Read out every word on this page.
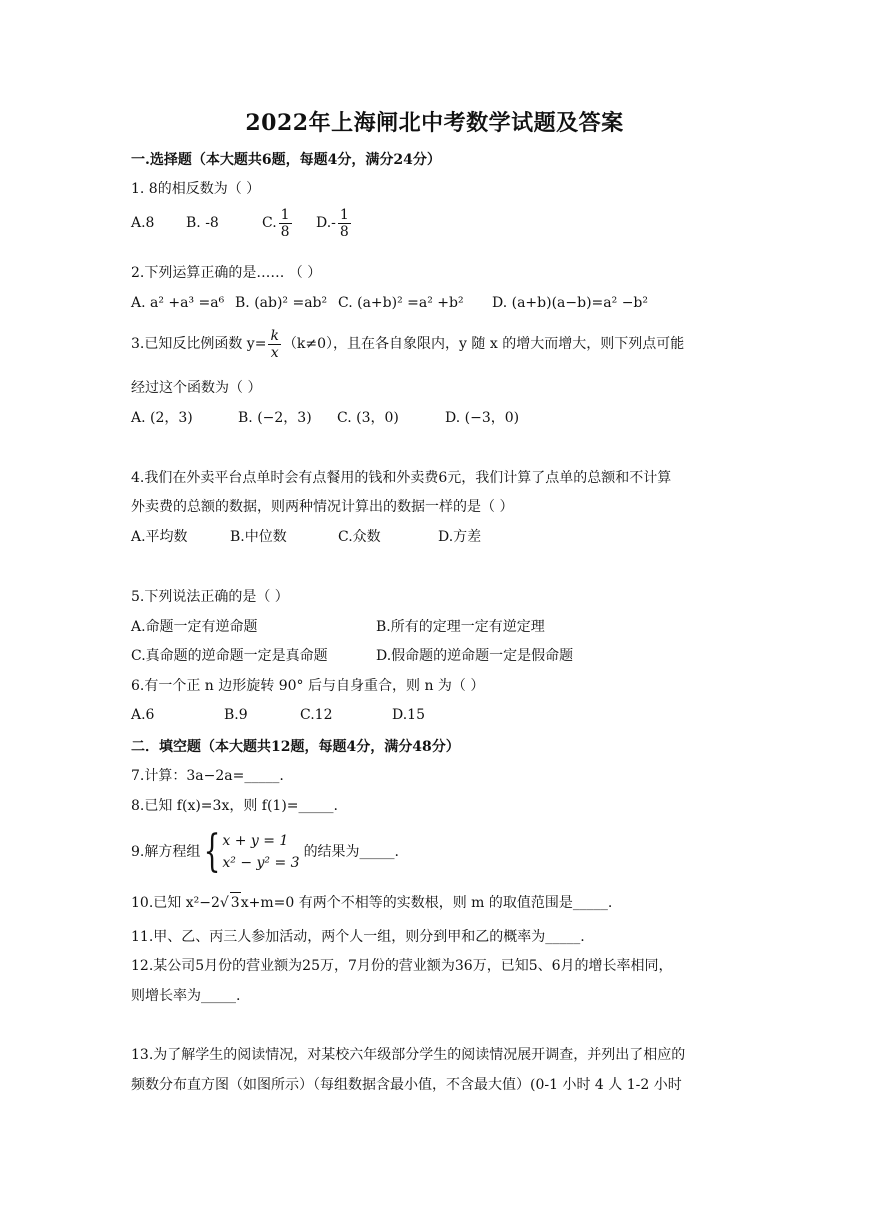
2022年上海闸北中考数学试题及答案
一.选择题（本大题共6题，每题4分，满分24分）
1. 8的相反数为（ ）
A.8 B. -8	C. $\frac{1}{8} D.- \frac{1}{8}$
2.下列运算正确的是…… （ ）
A. a² +a³ =a⁶ B. (ab)² =ab² C. (a+b)² =a² +b² D. (a+b)(a−b)=a² −b²
3.已知反比例函数 $y= \frac{k}{x} (k\ne 0)$，且在各自象限内，y 随 x 的增大而增大，则下列点可能
经过这个函数为（ ）
A. (2，3)	B. (−2，3) C. (3，0)	D. (−3，0)
4.我们在外卖平台点单时会有点餐用的钱和外卖费6元，我们计算了点单的总额和不计算
外卖费的总额的数据，则两种情况计算出的数据一样的是（ ）
A.平均数	B.中位数	C.众数	D.方差
5.下列说法正确的是（ ）
A.命题一定有逆命题	B.所有的定理一定有逆定理
C.真命题的逆命题一定是真命题	D.假命题的逆命题一定是假命题
6.有一个正 n 边形旋转 90° 后与自身重合，则 n 为（ ）
A.6	B.9	C.12	D.15
二．填空题（本大题共12题，每题4分，满分48分）
7.计算：3a−2a=_____.
8.已知 f(x)=3x，则 f(1)=_____.
9.解方程组{ x + y = 1
x² − y² = 3
的结果为_____.
10.已知 x²−2√ 3x+m=0 有两个不相等的实数根，则 m 的取值范围是_____.
11.甲、乙、丙三人参加活动，两个人一组，则分到甲和乙的概率为_____.
12.某公司5月份的营业额为25万，7月份的营业额为36万，已知5、6月的增长率相同，
则增长率为_____.
13.为了解学生的阅读情况，对某校六年级部分学生的阅读情况展开调查，并列出了相应的
频数分布直方图（如图所示）（每组数据含最小值，不含最大值）(0-1 小时 4 人 1-2 小时
